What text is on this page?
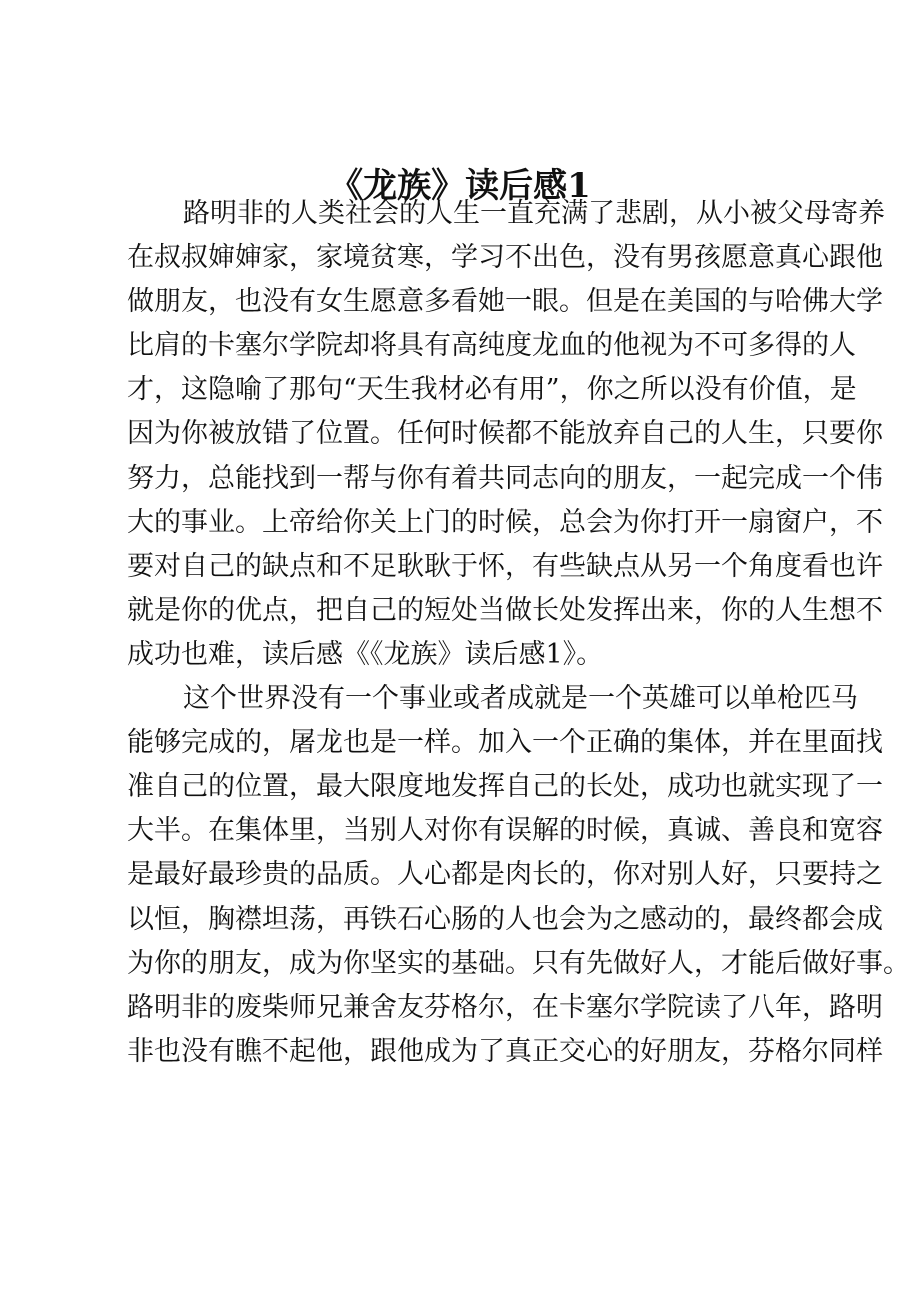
《龙族》读后感1
路明非的人类社会的人生一直充满了悲剧，从小被父母寄养
在叔叔婶婶家，家境贫寒，学习不出色，没有男孩愿意真心跟他
做朋友，也没有女生愿意多看她一眼。但是在美国的与哈佛大学
比肩的卡塞尔学院却将具有高纯度龙血的他视为不可多得的人
才，这隐喻了那句“天生我材必有用”，你之所以没有价值，是
因为你被放错了位置。任何时候都不能放弃自己的人生，只要你
努力，总能找到一帮与你有着共同志向的朋友，一起完成一个伟
大的事业。上帝给你关上门的时候，总会为你打开一扇窗户，不
要对自己的缺点和不足耿耿于怀，有些缺点从另一个角度看也许
就是你的优点，把自己的短处当做长处发挥出来，你的人生想不
成功也难，读后感《《龙族》读后感1》。
这个世界没有一个事业或者成就是一个英雄可以单枪匹马
能够完成的，屠龙也是一样。加入一个正确的集体，并在里面找
准自己的位置，最大限度地发挥自己的长处，成功也就实现了一
大半。在集体里，当别人对你有误解的时候，真诚、善良和宽容
是最好最珍贵的品质。人心都是肉长的，你对别人好，只要持之
以恒，胸襟坦荡，再铁石心肠的人也会为之感动的，最终都会成
为你的朋友，成为你坚实的基础。只有先做好人，才能后做好事。
路明非的废柴师兄兼舍友芬格尔，在卡塞尔学院读了八年，路明
非也没有瞧不起他，跟他成为了真正交心的好朋友，芬格尔同样
